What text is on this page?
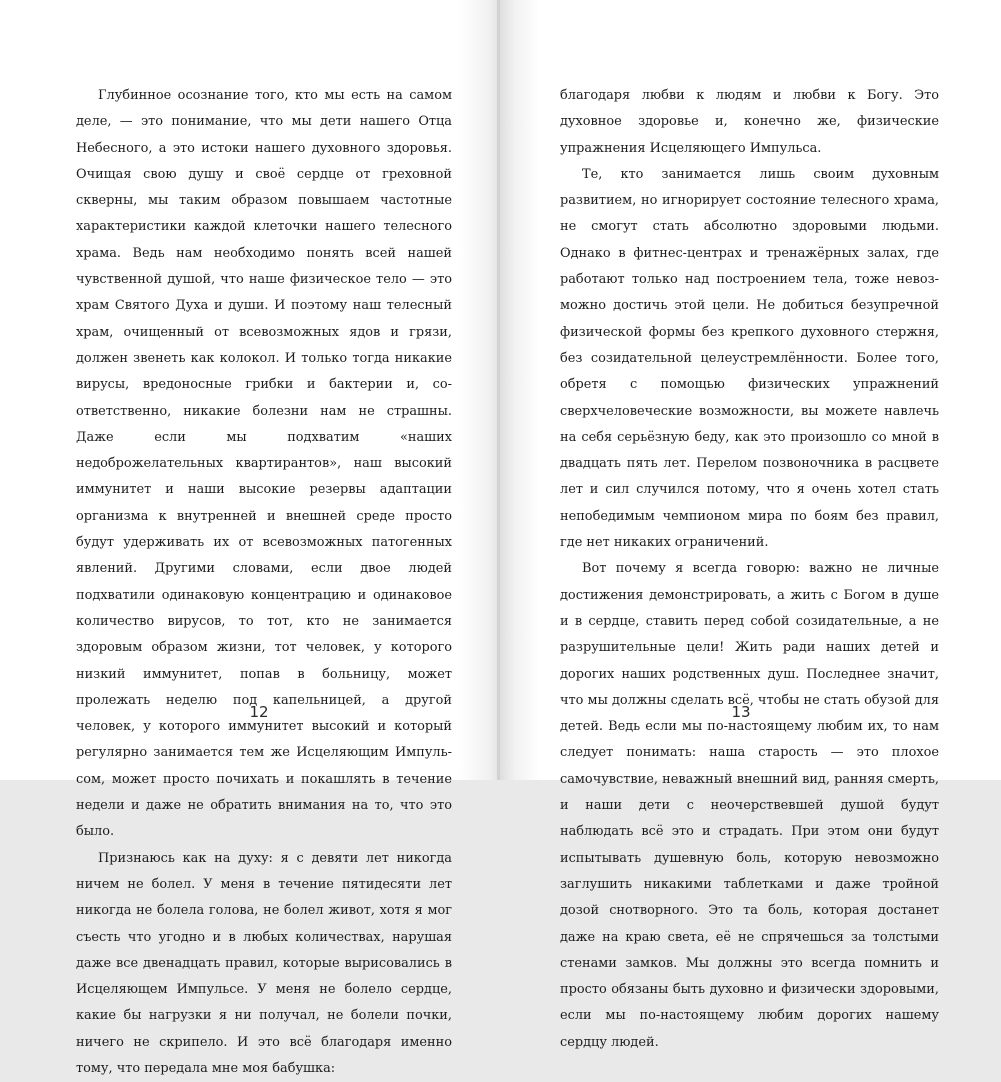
Глубинное осознание того, кто мы есть на самом деле, — это понимание, что мы дети нашего Отца Небесного, а это истоки нашего духовного здоровья. Очищая свою душу и своё сердце от греховной скверны, мы таким образом повышаем частотные характеристики каждой клеточки нашего телесного храма. Ведь нам необходимо понять всей нашей чувственной душой, что наше физическое тело — это храм Святого Духа и души. И поэтому наш телесный храм, очищенный от всевозможных ядов и грязи, должен звенеть как колокол. И только тогда никакие вирусы, вредоносные грибки и бактерии и, соответственно, никакие болезни нам не страшны. Даже если мы подхватим «наших недоброжелательных квартирантов», наш высокий иммунитет и наши высокие резервы адаптации организма к внутренней и внешней среде просто будут удерживать их от всевозможных патогенных явлений. Другими словами, если двое людей подхватили одинаковую концентрацию и одинаковое количество вирусов, то тот, кто не занимается здоровым образом жизни, тот человек, у которого низкий иммунитет, попав в больницу, может пролежать неделю под капельницей, а другой человек, у которого иммунитет высокий и который регулярно занимается тем же Исцеляющим Импульсом, может просто почихать и покашлять в течение недели и даже не обратить внимания на то, что это было.

Признаюсь как на духу: я с девяти лет никогда ничем не болел. У меня в течение пятидесяти лет никогда не болела голова, не болел живот, хотя я мог съесть что угодно и в любых количествах, нарушая даже все двенадцать правил, которые вырисовались в Исцеляющем Импульсе. У меня не болело сердце, какие бы нагрузки я ни получал, не болели почки, ничего не скрипело. И это всё благодаря именно тому, что передала мне моя бабушка:

12

благодаря любви к людям и любви к Богу. Это духовное здоровье и, конечно же, физические упражнения Исцеляющего Импульса.

Те, кто занимается лишь своим духовным развитием, но игнорирует состояние телесного храма, не смогут стать абсолютно здоровыми людьми. Однако в фитнес-центрах и тренажёрных залах, где работают только над построением тела, тоже невозможно достичь этой цели. Не добиться безупречной физической формы без крепкого духовного стержня, без созидательной целеустремлённости. Более того, обретя с помощью физических упражнений сверхчеловеческие возможности, вы можете навлечь на себя серьёзную беду, как это произошло со мной в двадцать пять лет. Перелом позвоночника в расцвете лет и сил случился потому, что я очень хотел стать непобедимым чемпионом мира по боям без правил, где нет никаких ограничений.

Вот почему я всегда говорю: важно не личные достижения демонстрировать, а жить с Богом в душе и в сердце, ставить перед собой созидательные, а не разрушительные цели! Жить ради наших детей и дорогих наших родственных душ. Последнее значит, что мы должны сделать всё, чтобы не стать обузой для детей. Ведь если мы по-настоящему любим их, то нам следует понимать: наша старость — это плохое самочувствие, неважный внешний вид, ранняя смерть, и наши дети с неочерствевшей душой будут наблюдать всё это и страдать. При этом они будут испытывать душевную боль, которую невозможно заглушить никакими таблетками и даже тройной дозой снотворного. Это та боль, которая достанет даже на краю света, её не спрячешься за толстыми стенами замков. Мы должны это всегда помнить и просто обязаны быть духовно и физически здоровыми, если мы по-настоящему любим дорогих нашему сердцу людей.

13
